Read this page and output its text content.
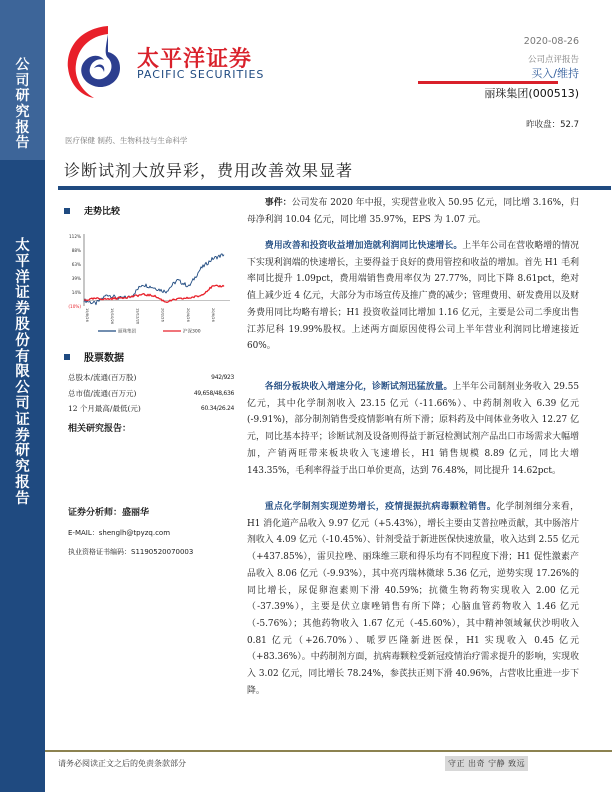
公
司
研
究
报
告
太
平
洋
证
券
股
份
有
限
公
司
证
券
研
究
报
告
太平洋证券
PACIFIC SECURITIES
2020-08-26
公司点评报告
买入/维持
丽珠集团(000513)
昨收盘：52.7
医疗保健 制药、生物科技与生命科学
诊断试剂大放异彩，费用改善效果显著
走势比较
112%
88%
63%
39%
14%
(10%)
19/8/26	19/10/26	19/12/26	20/2/26	20/4/26	20/6/26
丽珠集团	沪深300
股票数据
总股本/流通(百万股)	942/923
总市值/流通(百万元)	49,658/48,636
12 个月最高/最低(元)	60.34/26.24
相关研究报告：
证券分析师：盛丽华
E-MAIL：shenglh@tpyzq.com
执业资格证书编码：S1190520070003

事件：公司发布 2020 年中报，实现营业收入 50.95 亿元，同比增 3.16%，归母净利润 10.04 亿元，同比增 35.97%，EPS 为 1.07 元。

费用改善和投资收益增加造就利润同比快速增长。上半年公司在营收略增的情况下实现利润端的快速增长，主要得益于良好的费用管控和收益的增加。首先 H1 毛利率同比提升 1.09pct，费用端销售费用率仅为 27.77%，同比下降 8.61pct，绝对值上减少近 4 亿元，大部分为市场宣传及推广费的减少；管理费用、研发费用以及财务费用同比均略有增长；H1 投资收益同比增加 1.16 亿元，主要是公司二季度出售江苏尼科 19.99%股权。上述两方面原因使得公司上半年营业利润同比增速接近 60%。

各细分板块收入增速分化，诊断试剂迅猛放量。上半年公司制剂业务收入 29.55 亿元，其中化学制剂收入 23.15 亿元（-11.66%）、中药制剂收入 6.39 亿元(-9.91%)，部分制剂销售受疫情影响有所下滑；原料药及中间体业务收入 12.27 亿元，同比基本持平；诊断试剂及设备则得益于新冠检测试剂产品出口市场需求大幅增加，产销两旺带来板块收入飞速增长，H1 销售规模 8.89 亿元，同比大增 143.35%，毛利率得益于出口单价更高，达到 76.48%，同比提升 14.62pct。

重点化学制剂实现逆势增长，疫情提振抗病毒颗粒销售。化学制剂细分来看，H1 消化道产品收入 9.97 亿元（+5.43%），增长主要由艾普拉唑贡献，其中肠溶片剂收入 4.09 亿元（-10.45%）、针剂受益于新进医保快速放量，收入达到 2.55 亿元（+437.85%），雷贝拉唑、丽珠维三联和得乐均有不同程度下滑；H1 促性激素产品收入 8.06 亿元（-9.93%），其中亮丙瑞林微球 5.36 亿元，逆势实现 17.26%的同比增长，尿促卵泡素则下滑 40.59%；抗微生物药物实现收入 2.00 亿元（-37.39%），主要是伏立康唑销售有所下降；心脑血管药物收入 1.46 亿元（-5.76%）；其他药物收入 1.67 亿元（-45.60%），其中精神领域氟伏沙明收入 0.81 亿元（+26.70%）、哌罗匹隆新进医保，H1 实现收入 0.45 亿元（+83.36%）。中药制剂方面，抗病毒颗粒受新冠疫情治疗需求提升的影响，实现收入 3.02 亿元，同比增长 78.24%，参芪扶正则下滑 40.96%，占营收比重进一步下降。

请务必阅读正文之后的免责条款部分	守正 出奇 宁静 致远
